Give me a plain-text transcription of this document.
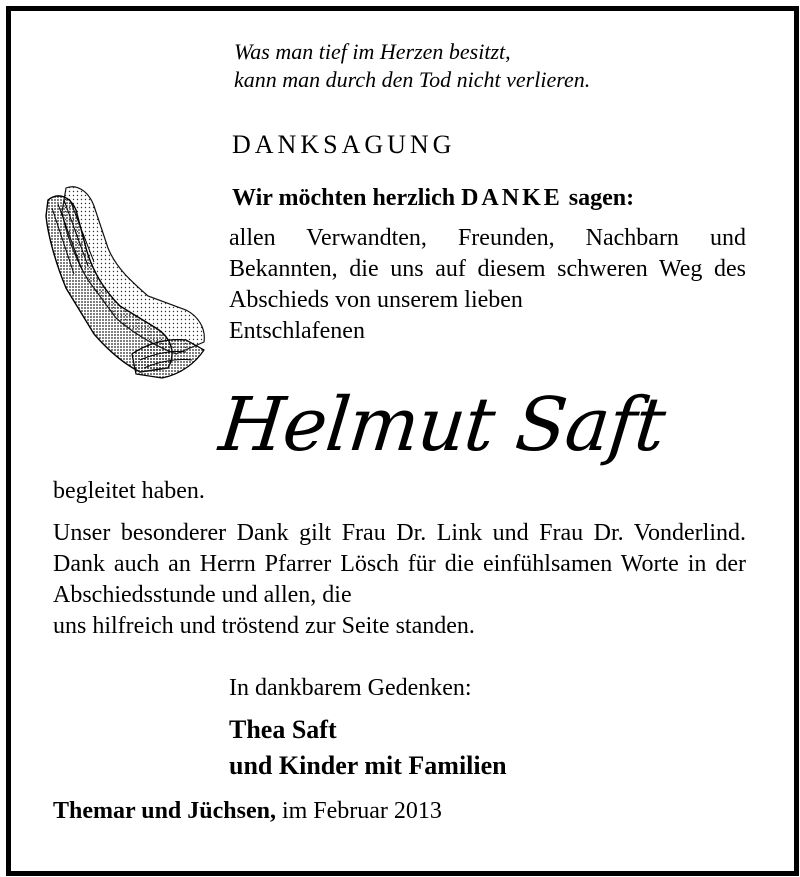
Was man tief im Herzen besitzt,
kann man durch den Tod nicht verlieren.
DANKSAGUNG
Wir möchten herzlich DANKE sagen:
allen Verwandten, Freunden, Nachbarn und Bekannten, die uns auf diesem schweren Weg des Abschieds von unserem lieben
Entschlafenen
Helmut Saft
begleitet haben.
Unser besonderer Dank gilt Frau Dr. Link und Frau Dr. Vonderlind. Dank auch an Herrn Pfarrer Lösch für die einfühlsamen Worte in der Abschiedsstunde und allen, die
uns hilfreich und tröstend zur Seite standen.
In dankbarem Gedenken:
Thea Saft
und Kinder mit Familien
Themar und Jüchsen, im Februar 2013
